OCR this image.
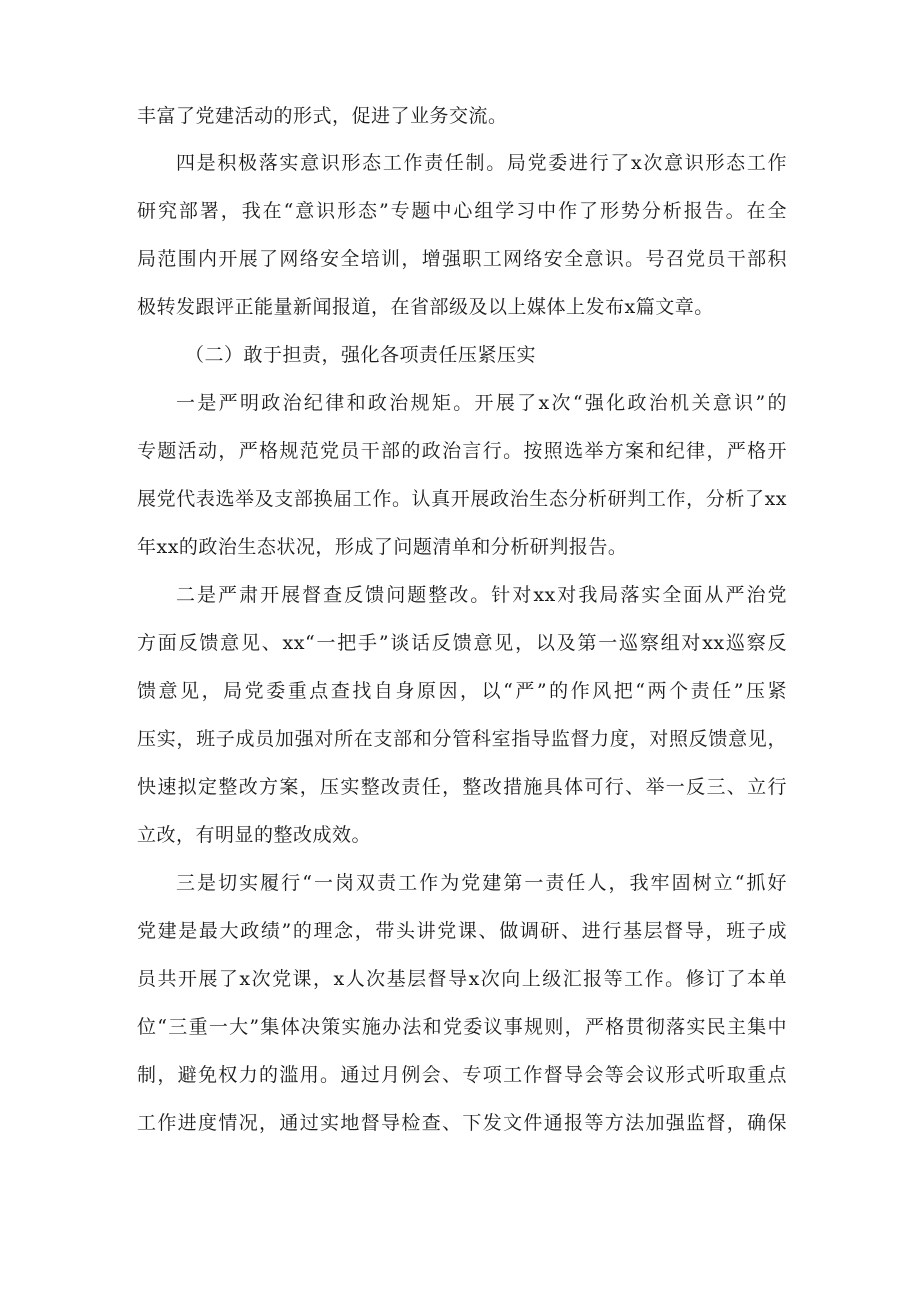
丰富了党建活动的形式，促进了业务交流。
四是积极落实意识形态工作责任制。局党委进行了x次意识形态工作
研究部署，我在“意识形态”专题中心组学习中作了形势分析报告。在全
局范围内开展了网络安全培训，增强职工网络安全意识。号召党员干部积
极转发跟评正能量新闻报道，在省部级及以上媒体上发布x篇文章。
（二）敢于担责，强化各项责任压紧压实
一是严明政治纪律和政治规矩。开展了x次“强化政治机关意识”的
专题活动，严格规范党员干部的政治言行。按照选举方案和纪律，严格开
展党代表选举及支部换届工作。认真开展政治生态分析研判工作，分析了xx
年xx的政治生态状况，形成了问题清单和分析研判报告。
二是严肃开展督查反馈问题整改。针对xx对我局落实全面从严治党
方面反馈意见、xx“一把手”谈话反馈意见，以及第一巡察组对xx巡察反
馈意见，局党委重点查找自身原因，以“严”的作风把“两个责任”压紧
压实，班子成员加强对所在支部和分管科室指导监督力度，对照反馈意见，
快速拟定整改方案，压实整改责任，整改措施具体可行、举一反三、立行
立改，有明显的整改成效。
三是切实履行“一岗双责工作为党建第一责任人，我牢固树立“抓好
党建是最大政绩”的理念，带头讲党课、做调研、进行基层督导，班子成
员共开展了x次党课，x人次基层督导x次向上级汇报等工作。修订了本单
位“三重一大”集体决策实施办法和党委议事规则，严格贯彻落实民主集中
制，避免权力的滥用。通过月例会、专项工作督导会等会议形式听取重点
工作进度情况，通过实地督导检查、下发文件通报等方法加强监督，确保
